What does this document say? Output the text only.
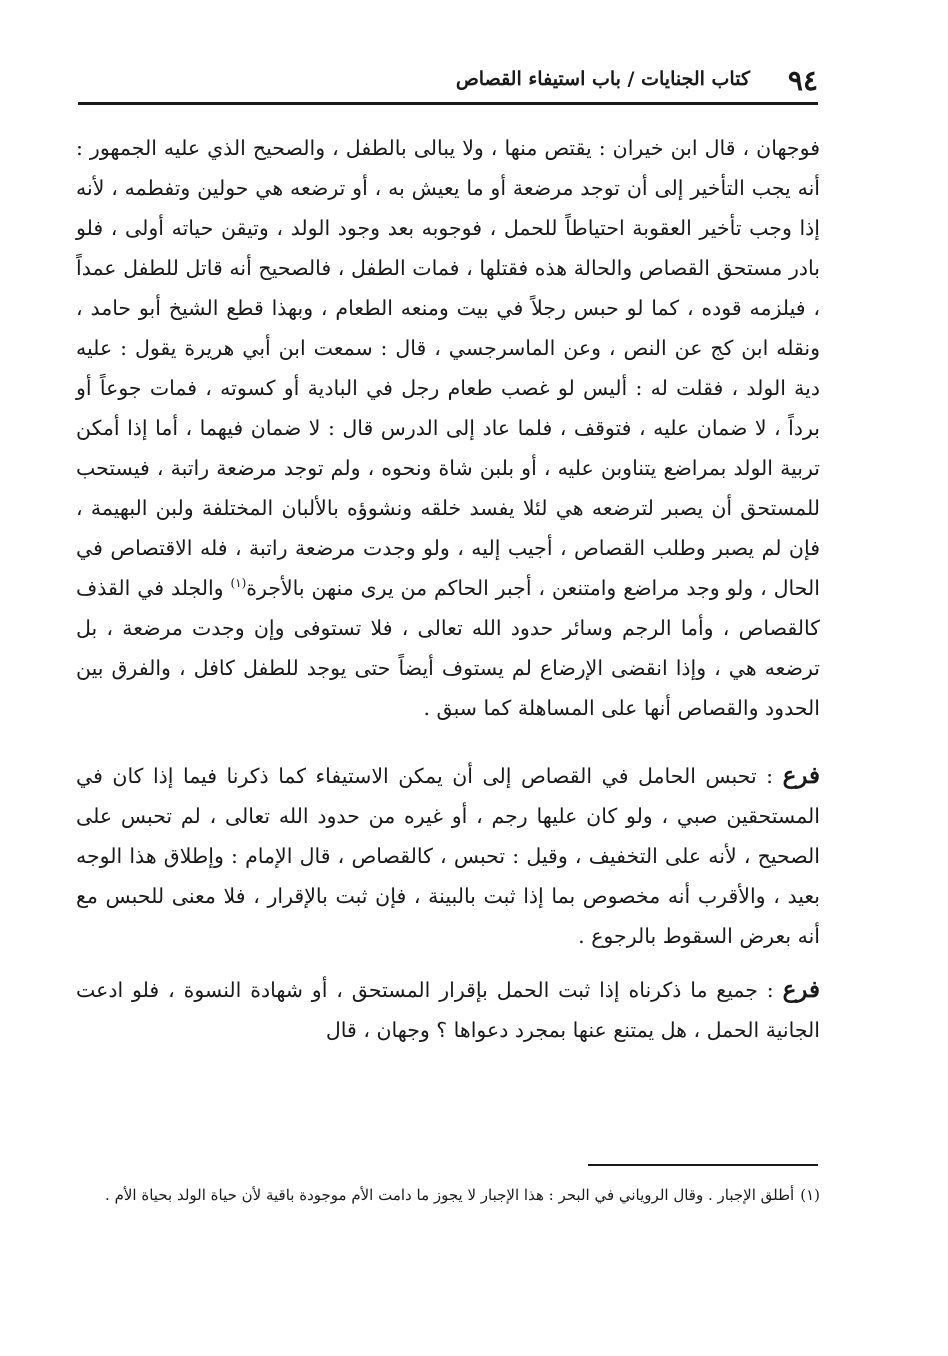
٩٤
كتاب الجنايات / باب استيفاء القصاص

فوجهان ، قال ابن خيران : يقتص منها ، ولا يبالى بالطفل ، والصحيح الذي عليه الجمهور : أنه يجب التأخير إلى أن توجد مرضعة أو ما يعيش به ، أو ترضعه هي حولين وتفطمه ، لأنه إذا وجب تأخير العقوبة احتياطاً للحمل ، فوجوبه بعد وجود الولد ، وتيقن حياته أولى ، فلو بادر مستحق القصاص والحالة هذه فقتلها ، فمات الطفل ، فالصحيح أنه قاتل للطفل عمداً ، فيلزمه قوده ، كما لو حبس رجلاً في بيت ومنعه الطعام ، وبهذا قطع الشيخ أبو حامد ، ونقله ابن كج عن النص ، وعن الماسرجسي ، قال : سمعت ابن أبي هريرة يقول : عليه دية الولد ، فقلت له : أليس لو غصب طعام رجل في البادية أو كسوته ، فمات جوعاً أو برداً ، لا ضمان عليه ، فتوقف ، فلما عاد إلى الدرس قال : لا ضمان فيهما ، أما إذا أمكن تربية الولد بمراضع يتناوبن عليه ، أو بلبن شاة ونحوه ، ولم توجد مرضعة راتبة ، فيستحب للمستحق أن يصبر لترضعه هي لئلا يفسد خلقه ونشوؤه بالألبان المختلفة ولبن البهيمة ، فإن لم يصبر وطلب القصاص ، أجيب إليه ، ولو وجدت مرضعة راتبة ، فله الاقتصاص في الحال ، ولو وجد مراضع وامتنعن ، أجبر الحاكم من يرى منهن بالأجرة$^{(١)}$ والجلد في القذف كالقصاص ، وأما الرجم وسائر حدود الله تعالى ، فلا تستوفى وإن وجدت مرضعة ، بل ترضعه هي ، وإذا انقضى الإرضاع لم يستوف أيضاً حتى يوجد للطفل كافل ، والفرق بين الحدود والقصاص أنها على المساهلة كما سبق .

فرع : تحبس الحامل في القصاص إلى أن يمكن الاستيفاء كما ذكرنا فيما إذا كان في المستحقين صبي ، ولو كان عليها رجم ، أو غيره من حدود الله تعالى ، لم تحبس على الصحيح ، لأنه على التخفيف ، وقيل : تحبس ، كالقصاص ، قال الإمام : وإطلاق هذا الوجه بعيد ، والأقرب أنه مخصوص بما إذا ثبت بالبينة ، فإن ثبت بالإقرار ، فلا معنى للحبس مع أنه بعرض السقوط بالرجوع .

فرع : جميع ما ذكرناه إذا ثبت الحمل بإقرار المستحق ، أو شهادة النسوة ، فلو ادعت الجانية الحمل ، هل يمتنع عنها بمجرد دعواها ؟ وجهان ، قال

(١)أطلق الإجبار . وقال الروياني في البحر : هذا الإجبار لا يجوز ما دامت الأم موجودة باقية لأن حياة الولد بحياة الأم .
